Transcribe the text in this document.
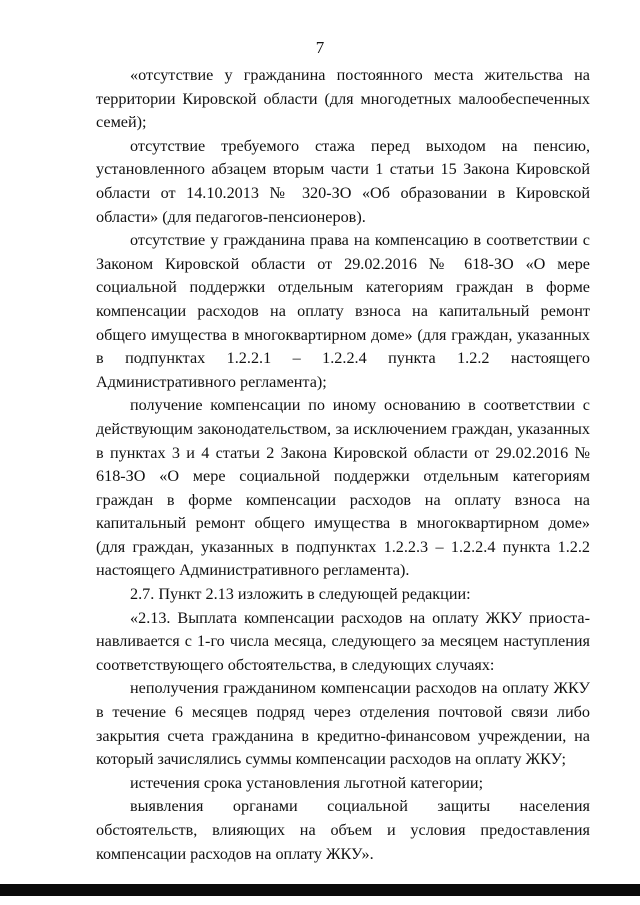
7

«отсутствие у гражданина постоянного места жительства на территории Кировской области (для многодетных малообеспеченных семей);

отсутствие требуемого стажа перед выходом на пенсию, установленного абзацем вторым части 1 статьи 15 Закона Кировской области от 14.10.2013 № 320-ЗО «Об образовании в Кировской области» (для педагогов-пенсионеров).

отсутствие у гражданина права на компенсацию в соответствии с Законом Кировской области от 29.02.2016 № 618-ЗО «О мере социальной поддержки отдельным категориям граждан в форме компенсации расходов на оплату взноса на капитальный ремонт общего имущества в многоквартирном доме» (для граждан, указанных в подпунктах 1.2.2.1 – 1.2.2.4 пункта 1.2.2 настоящего Административного регламента);

получение компенсации по иному основанию в соответствии с действующим законодательством, за исключением граждан, указанных в пунктах 3 и 4 статьи 2 Закона Кировской области от 29.02.2016 № 618-ЗО «О мере социальной поддержки отдельным категориям граждан в форме компенсации расходов на оплату взноса на капитальный ремонт общего имущества в многоквартирном доме» (для граждан, указанных в подпунктах 1.2.2.3 – 1.2.2.4 пункта 1.2.2 настоящего Административного регламента).

2.7. Пункт 2.13 изложить в следующей редакции:

«2.13. Выплата компенсации расходов на оплату ЖКУ приостанавливается с 1-го числа месяца, следующего за месяцем наступления соответствующего обстоятельства, в следующих случаях:

неполучения гражданином компенсации расходов на оплату ЖКУ в течение 6 месяцев подряд через отделения почтовой связи либо закрытия счета гражданина в кредитно-финансовом учреждении, на который зачислялись суммы компенсации расходов на оплату ЖКУ;

истечения срока установления льготной категории;

выявления органами социальной защиты населения обстоятельств, влияющих на объем и условия предоставления компенсации расходов на оплату ЖКУ».
